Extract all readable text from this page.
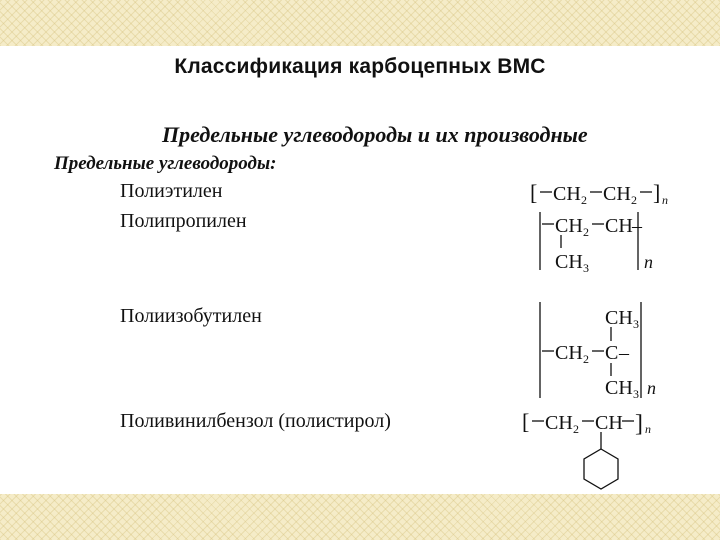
Классификация карбоцепных ВМС
Предельные углеводороды и их производные
Предельные углеводороды:
Полиэтилен
Полипропилен
Полиизобутилен
Поливинилбензол (полистирол)
[ CH 2 CH 2 ] n
CH 2 CH –
CH 3	n
CH 3
CH 2 C –
CH 3 n
[ CH 2 CH ] n
